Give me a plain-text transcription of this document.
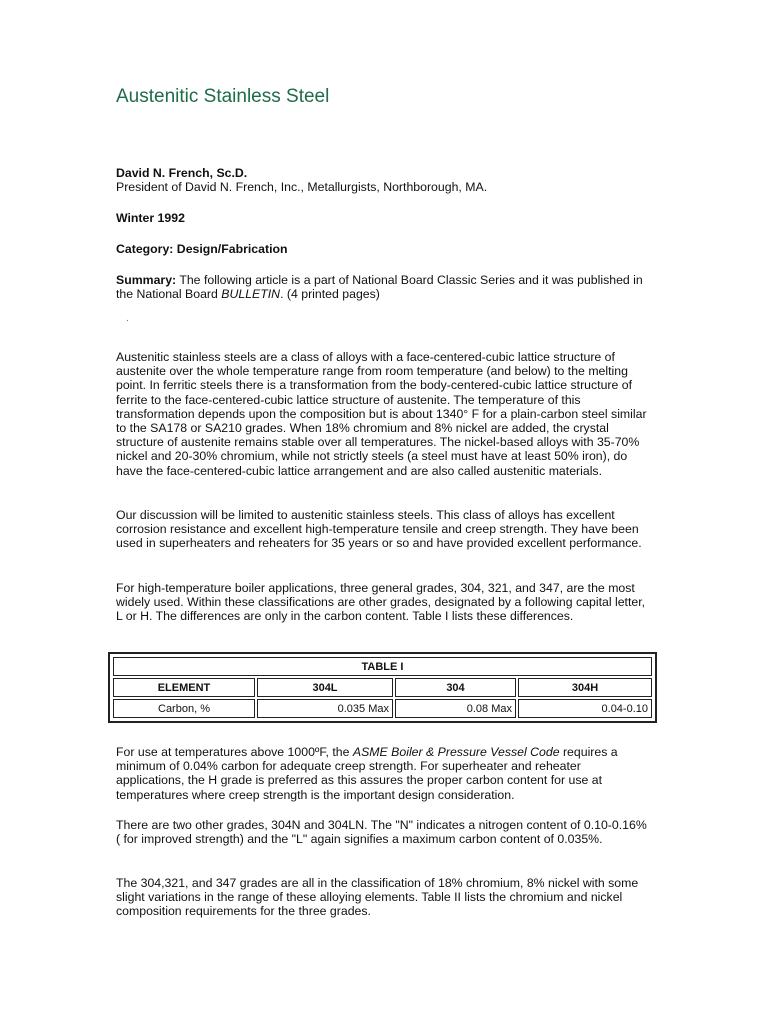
Austenitic Stainless Steel
David N. French, Sc.D.
President of David N. French, Inc., Metallurgists, Northborough, MA.
Winter 1992
Category: Design/Fabrication
Summary: The following article is a part of National Board Classic Series and it was published in the National Board BULLETIN. (4 printed pages)
.

Austenitic stainless steels are a class of alloys with a face-centered-cubic lattice structure of austenite over the whole temperature range from room temperature (and below) to the melting point. In ferritic steels there is a transformation from the body-centered-cubic lattice structure of ferrite to the face-centered-cubic lattice structure of austenite. The temperature of this transformation depends upon the composition but is about 1340° F for a plain-carbon steel similar to the SA178 or SA210 grades. When 18% chromium and 8% nickel are added, the crystal structure of austenite remains stable over all temperatures. The nickel-based alloys with 35-70% nickel and 20-30% chromium, while not strictly steels (a steel must have at least 50% iron), do have the face-centered-cubic lattice arrangement and are also called austenitic materials.

Our discussion will be limited to austenitic stainless steels. This class of alloys has excellent corrosion resistance and excellent high-temperature tensile and creep strength. They have been used in superheaters and reheaters for 35 years or so and have provided excellent performance.

For high-temperature boiler applications, three general grades, 304, 321, and 347, are the most widely used. Within these classifications are other grades, designated by a following capital letter, L or H. The differences are only in the carbon content. Table I lists these differences.

TABLE I			
ELEMENT	304L	304	304H
Carbon, %	0.035 Max	0.08 Max	0.04-0.10
For use at temperatures above 1000ºF, the ASME Boiler & Pressure Vessel Code requires a minimum of 0.04% carbon for adequate creep strength. For superheater and reheater applications, the H grade is preferred as this assures the proper carbon content for use at temperatures where creep strength is the important design consideration.

There are two other grades, 304N and 304LN. The "N" indicates a nitrogen content of 0.10-0.16% ( for improved strength) and the "L" again signifies a maximum carbon content of 0.035%.

The 304,321, and 347 grades are all in the classification of 18% chromium, 8% nickel with some slight variations in the range of these alloying elements. Table II lists the chromium and nickel composition requirements for the three grades.
